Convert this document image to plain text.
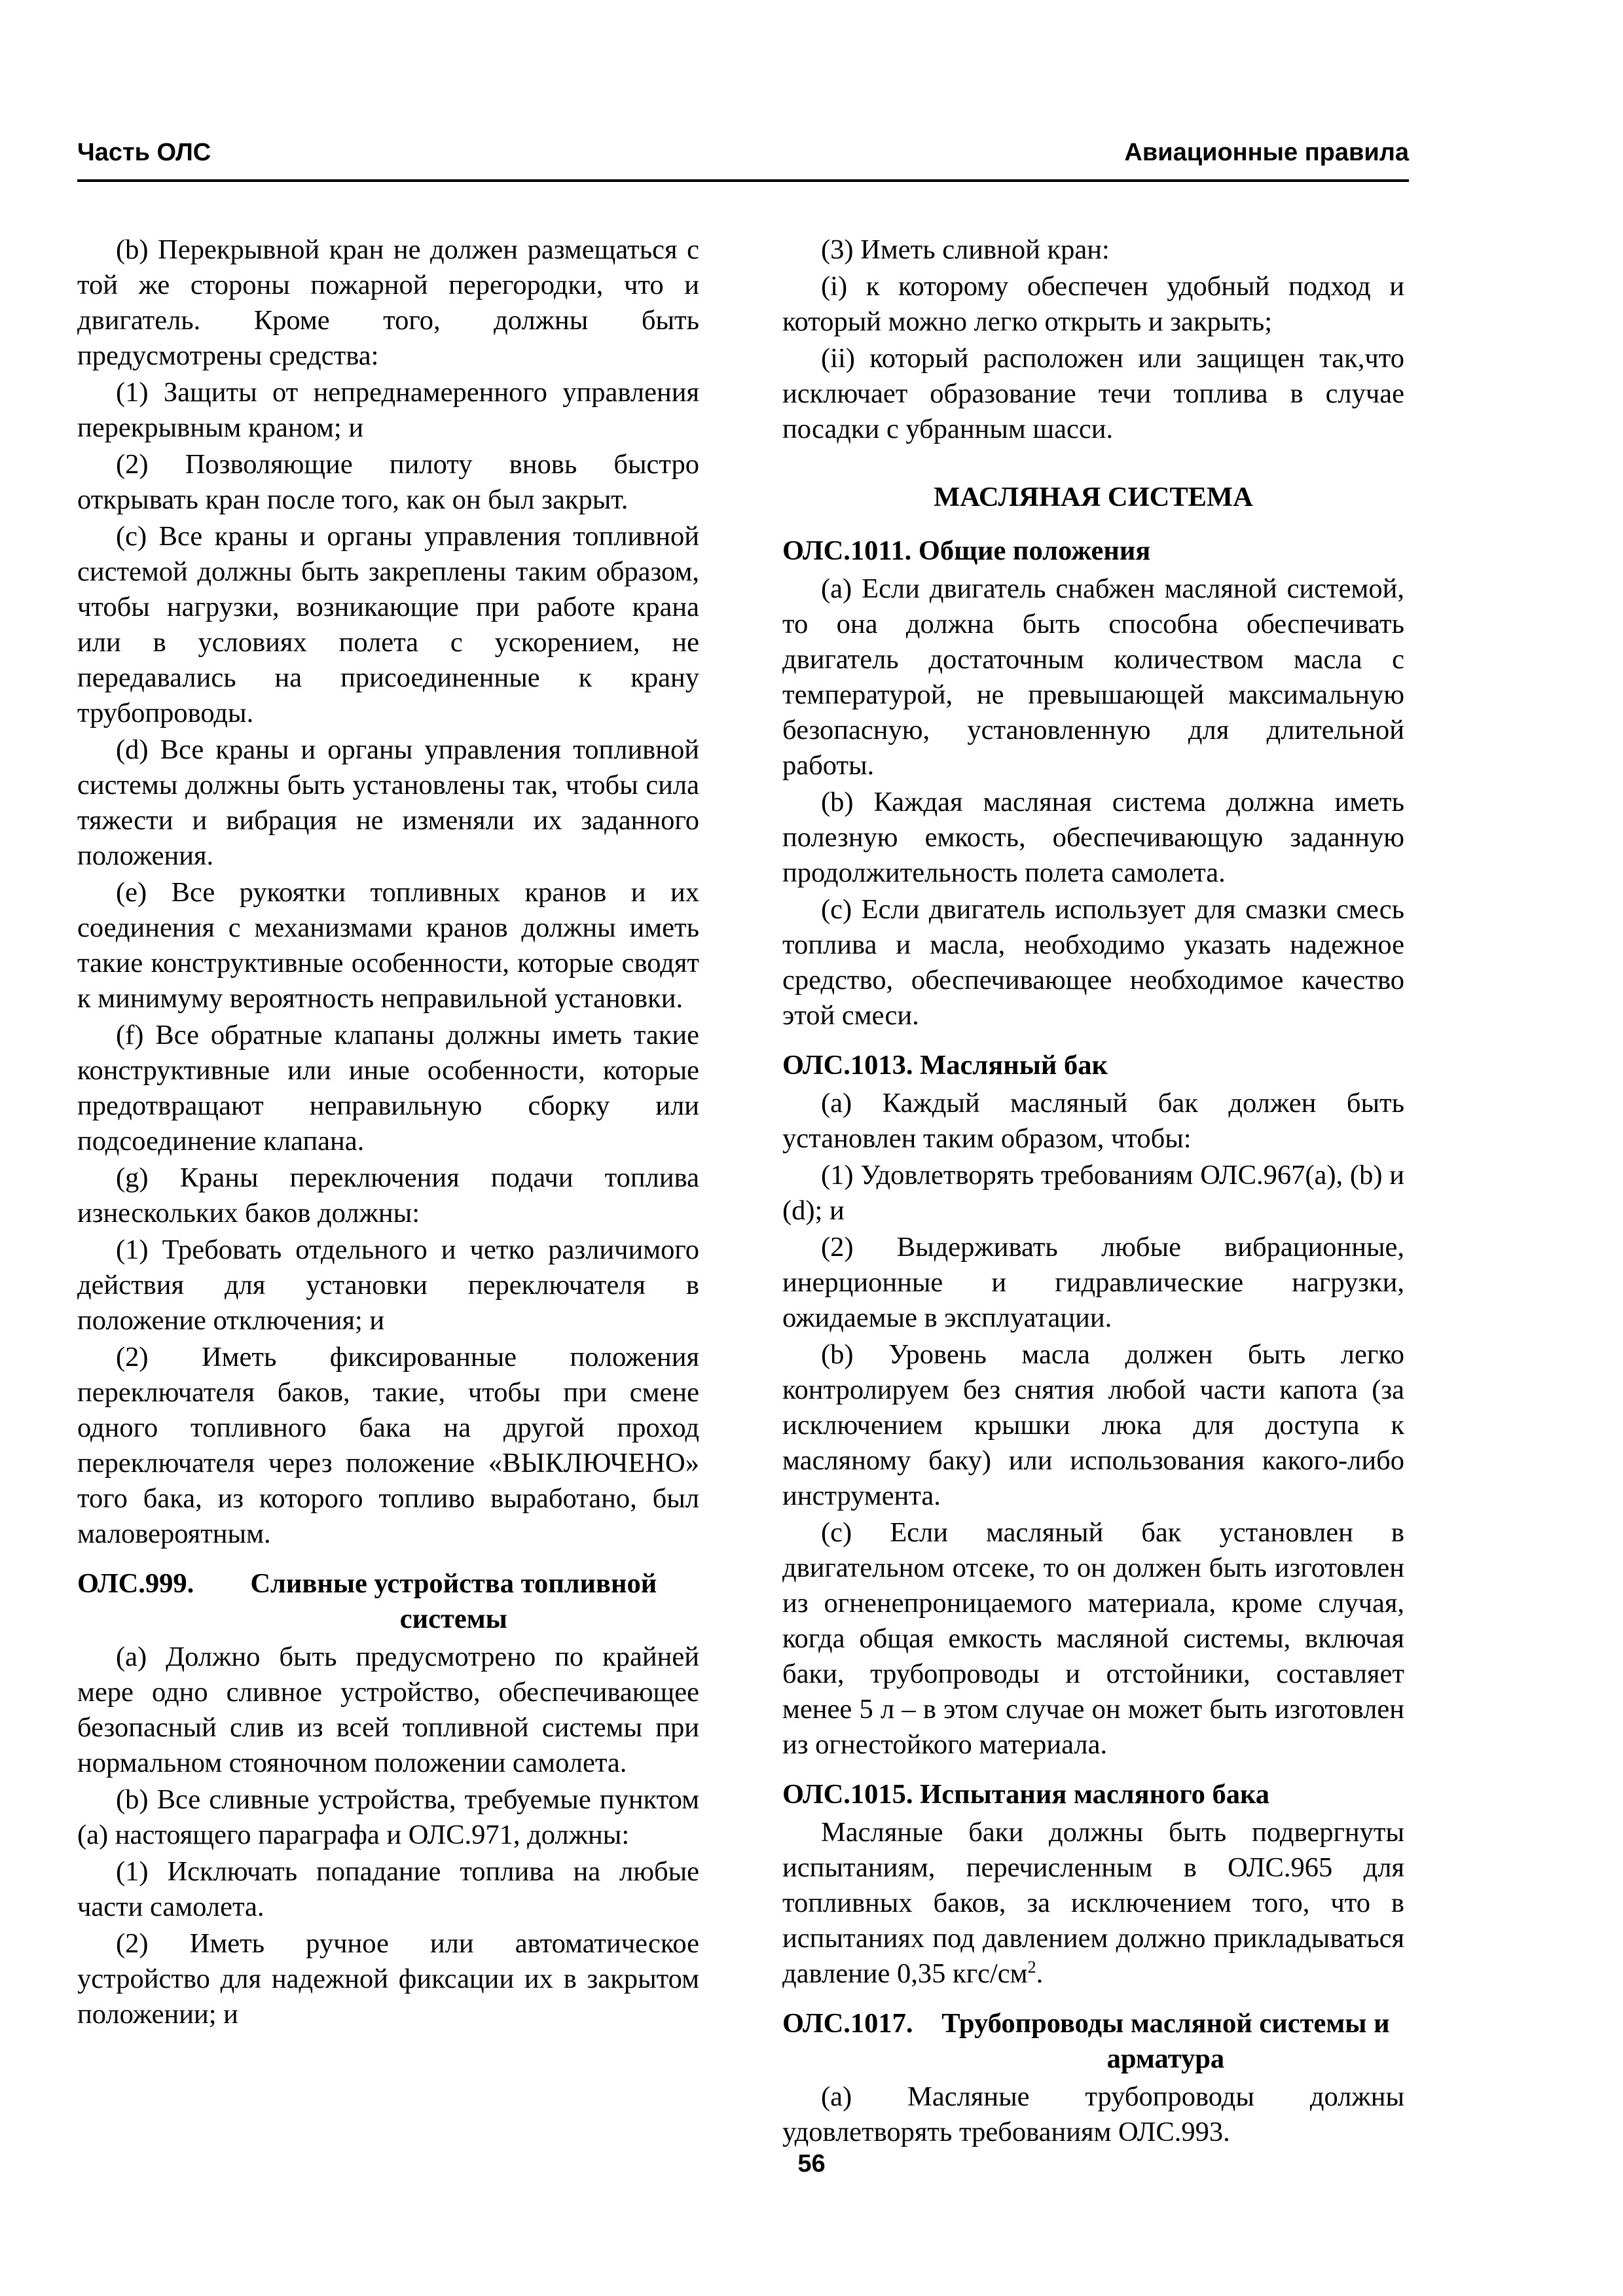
Часть ОЛС	Авиационные правила

(b) Перекрывной кран не должен размещаться с той же стороны пожарной перегородки, что и двигатель. Кроме того, должны быть предусмотрены средства:

(1) Защиты от непреднамеренного управления перекрывным краном; и

(2) Позволяющие пилоту вновь быстро открывать кран после того, как он был закрыт.

(c) Все краны и органы управления топливной системой должны быть закреплены таким образом, чтобы нагрузки, возникающие при работе крана или в условиях полета с ускорением, не передавались на присоединенные к крану трубопроводы.

(d) Все краны и органы управления топливной системы должны быть установлены так, чтобы сила тяжести и вибрация не изменяли их заданного положения.

(e) Все рукоятки топливных кранов и их соединения с механизмами кранов должны иметь такие конструктивные особенности, которые сводят к минимуму вероятность неправильной установки.

(f) Все обратные клапаны должны иметь такие конструктивные или иные особенности, которые предотвращают неправильную сборку или подсоединение клапана.

(g) Краны переключения подачи топлива изнескольких баков должны:

(1) Требовать отдельного и четко различимого действия для установки переключателя в положение отключения; и

(2) Иметь фиксированные положения переключателя баков, такие, чтобы при смене одного топливного бака на другой проход переключателя через положение «ВЫКЛЮЧЕНО» того бака, из которого топливо выработано, был маловероятным.

ОЛС.999.	Сливные устройства топливной системы

(a) Должно быть предусмотрено по крайней мере одно сливное устройство, обеспечивающее безопасный слив из всей топливной системы при нормальном стояночном положении самолета.

(b) Все сливные устройства, требуемые пунктом (a) настоящего параграфа и ОЛС.971, должны:

(1) Исключать попадание топлива на любые части самолета.

(2) Иметь ручное или автоматическое устройство для надежной фиксации их в закрытом положении; и

(3) Иметь сливной кран:

(i) к которому обеспечен удобный подход и который можно легко открыть и закрыть;

(ii) который расположен или защищен так,что исключает образование течи топлива в случае посадки с убранным шасси.

МАСЛЯНАЯ СИСТЕМА
ОЛС.1011. Общие положения

(a) Если двигатель снабжен масляной системой, то она должна быть способна обеспечивать двигатель достаточным количеством масла с температурой, не превышающей максимальную безопасную, установленную для длительной работы.

(b) Каждая масляная система должна иметь полезную емкость, обеспечивающую заданную продолжительность полета самолета.

(c) Если двигатель использует для смазки смесь топлива и масла, необходимо указать надежное средство, обеспечивающее необходимое качество этой смеси.

ОЛС.1013. Масляный бак

(a) Каждый масляный бак должен быть установлен таким образом, чтобы:

(1) Удовлетворять требованиям ОЛС.967(a), (b) и (d); и

(2) Выдерживать любые вибрационные, инерционные и гидравлические нагрузки, ожидаемые в эксплуатации.

(b) Уровень масла должен быть легко контролируем без снятия любой части капота (за исключением крышки люка для доступа к масляному баку) или использования какого-либо инструмента.

(c) Если масляный бак установлен в двигательном отсеке, то он должен быть изготовлен из огненепроницаемого материала, кроме случая, когда общая емкость масляной системы, включая баки, трубопроводы и отстойники, составляет менее 5 л – в этом случае он может быть изготовлен из огнестойкого материала.

ОЛС.1015. Испытания масляного бака

Масляные баки должны быть подвергнуты испытаниям, перечисленным в ОЛС.965 для топливных баков, за исключением того, что в испытаниях под давлением должно прикладываться давление 0,35 кгс/$см^2$.

ОЛС.1017. Трубопроводы масляной системы и арматура

(a) Масляные трубопроводы должны удовлетворять требованиям ОЛС.993.

56
